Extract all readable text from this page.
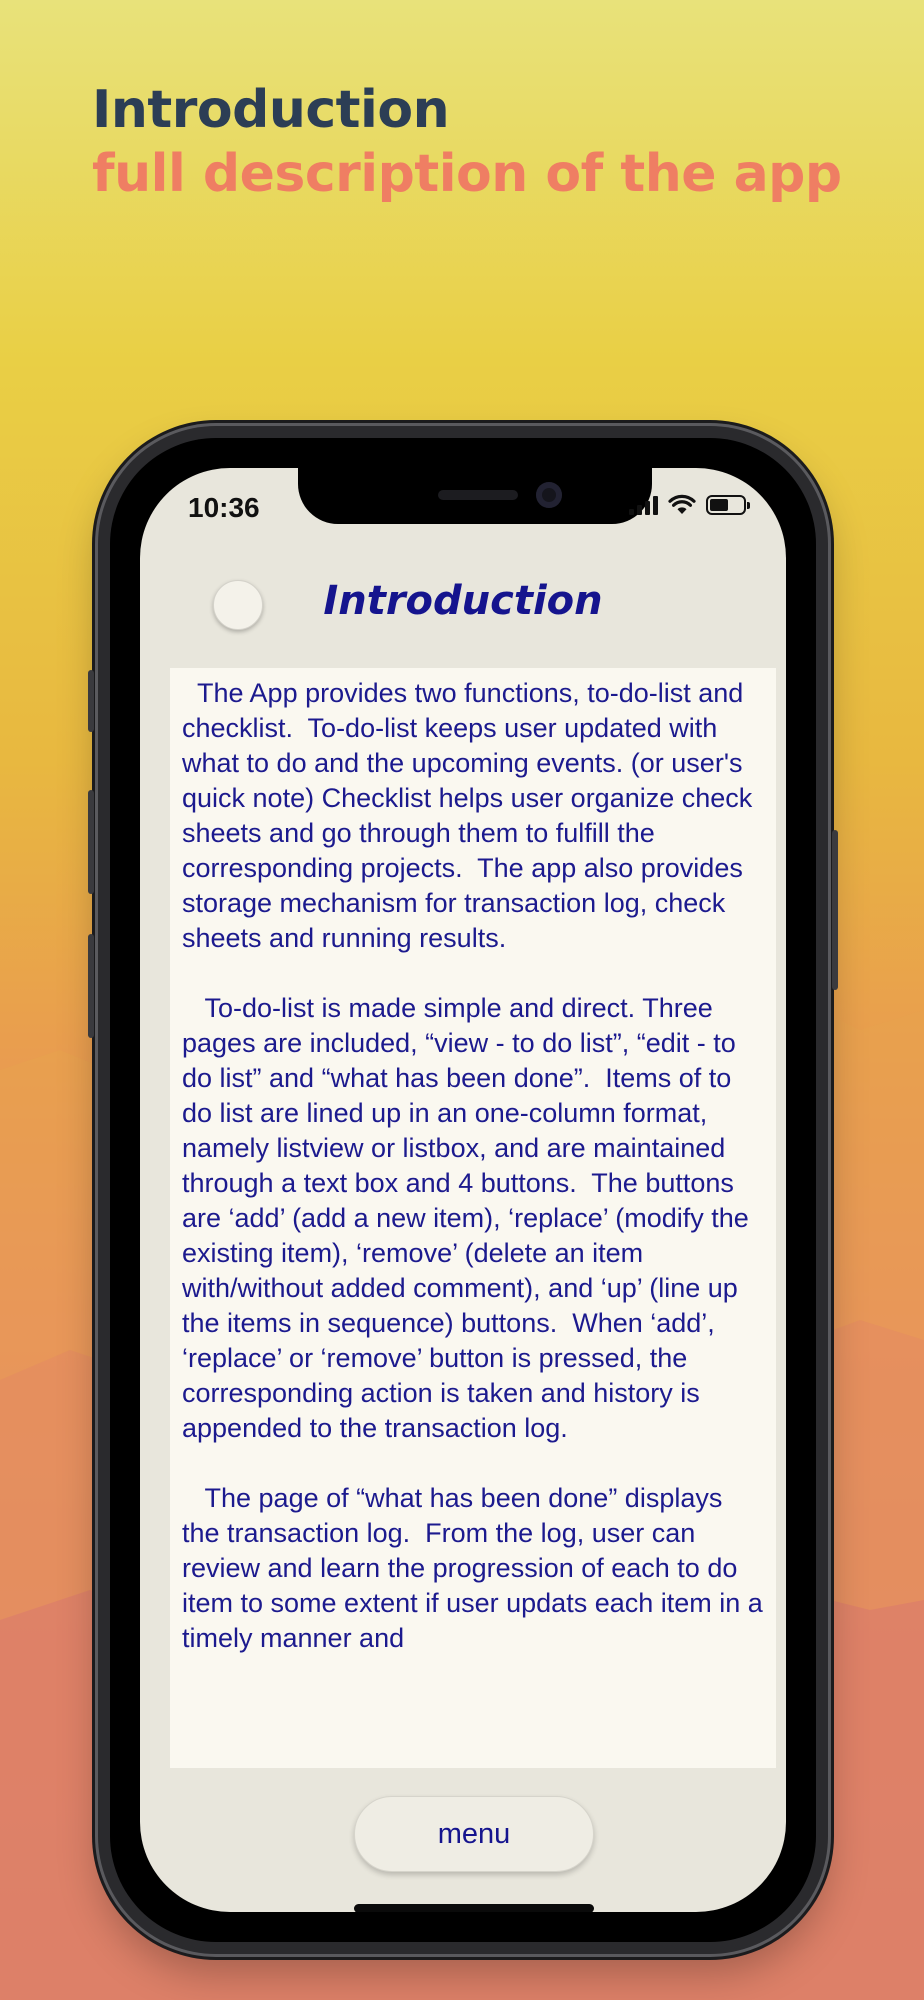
Introduction
full description of the app
10:36
Introduction

The App provides two functions, to-do-list and checklist.  To-do-list keeps user updated with what to do and the upcoming events. (or user's quick note) Checklist helps user organize check sheets and go through them to fulfill the corresponding projects.  The app also provides storage mechanism for transaction log, check sheets and running results.

To-do-list is made simple and direct. Three pages are included, “view - to do list”, “edit - to do list” and “what has been done”.  Items of to do list are lined up in an one-column format, namely listview or listbox, and are maintained through a text box and 4 buttons.  The buttons are ‘add’ (add a new item), ‘replace’ (modify the existing item), ‘remove’ (delete an item with/without added comment), and ‘up’ (line up the items in sequence) buttons.  When ‘add’, ‘replace’ or ‘remove’ button is pressed, the corresponding action is taken and history is appended to the transaction log.

The page of “what has been done” displays the transaction log.  From the log, user can review and learn the progression of each to do item to some extent if user updats each item in a timely manner and

menu
